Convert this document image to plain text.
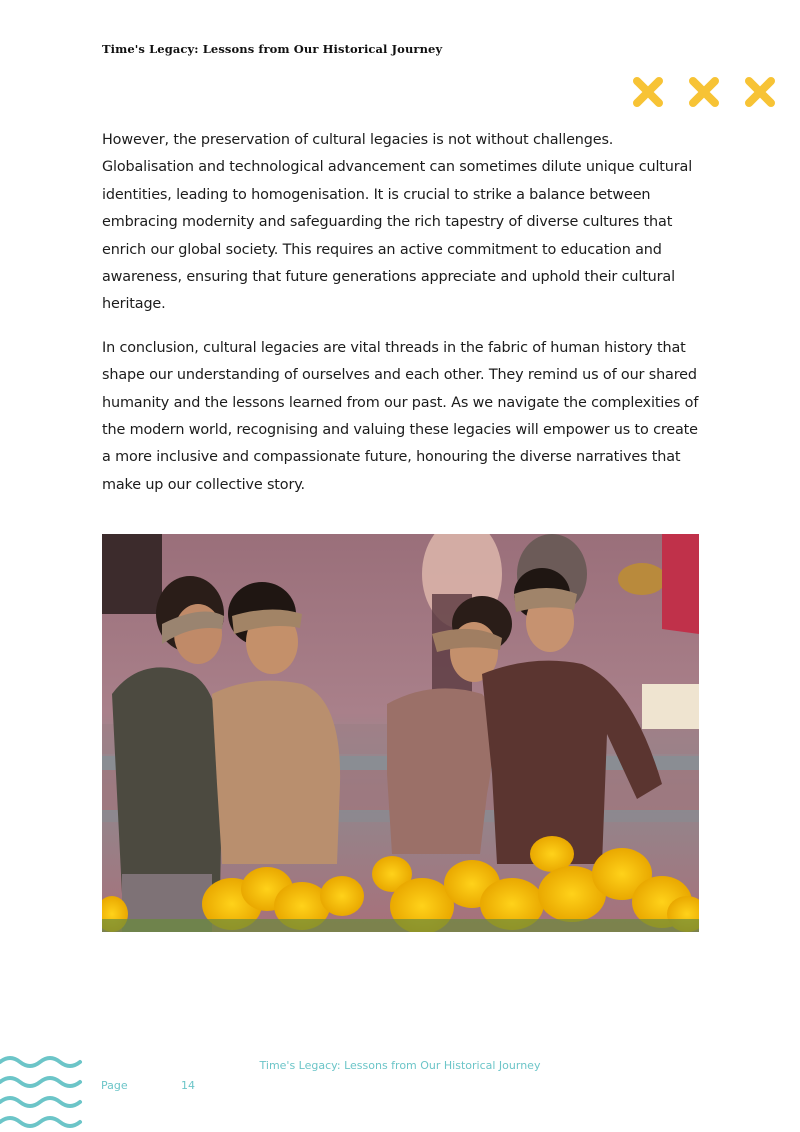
Time's Legacy: Lessons from Our Historical Journey

However, the preservation of cultural legacies is not without challenges. Globalisation and technological advancement can sometimes dilute unique cultural identities, leading to homogenisation. It is crucial to strike a balance between embracing modernity and safeguarding the rich tapestry of diverse cultures that enrich our global society. This requires an active commitment to education and awareness, ensuring that future generations appreciate and uphold their cultural heritage.

In conclusion, cultural legacies are vital threads in the fabric of human history that shape our understanding of ourselves and each other. They remind us of our shared humanity and the lessons learned from our past. As we navigate the complexities of the modern world, recognising and valuing these legacies will empower us to create a more inclusive and compassionate future, honouring the diverse narratives that make up our collective story.

Time's Legacy: Lessons from Our Historical Journey
Page	14
